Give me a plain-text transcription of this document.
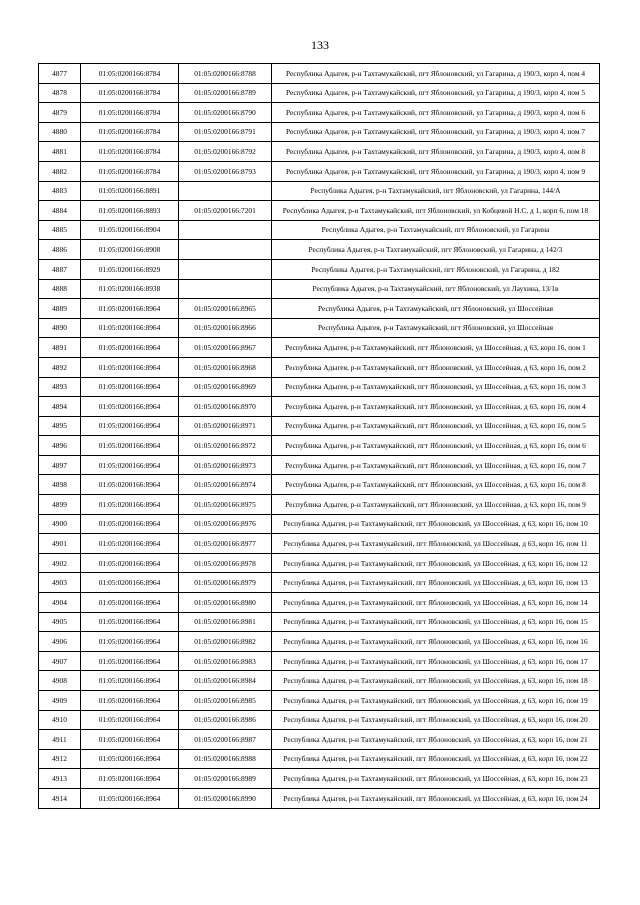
133
4877	01:05:0200166:8784	01:05:0200166:8788	Республика Адыгея, р-н Тахтамукайский, пгт Яблоновский, ул Гагарина, д 190/3, корп 4, пом 4
4878	01:05:0200166:8784	01:05:0200166:8789	Республика Адыгея, р-н Тахтамукайский, пгт Яблоновский, ул Гагарина, д 190/3, корп 4, пом 5
4879	01:05:0200166:8784	01:05:0200166:8790	Республика Адыгея, р-н Тахтамукайский, пгт Яблоновский, ул Гагарина, д 190/3, корп 4, пом 6
4880	01:05:0200166:8784	01:05:0200166:8791	Республика Адыгея, р-н Тахтамукайский, пгт Яблоновский, ул Гагарина, д 190/3, корп 4, пом 7
4881	01:05:0200166:8784	01:05:0200166:8792	Республика Адыгея, р-н Тахтамукайский, пгт Яблоновский, ул Гагарина, д 190/3, корп 4, пом 8
4882	01:05:0200166:8784	01:05:0200166:8793	Республика Адыгея, р-н Тахтамукайский, пгт Яблоновский, ул Гагарина, д 190/3, корп 4, пом 9
4883	01:05:0200166:8891		Республика Адыгея, р-н Тахтамукайский, пгт Яблоновский, ул Гагарина, 144/А
4884	01:05:0200166:8893	01:05:0200166:7201	Республика Адыгея, р-н Тахтамукайский, пгт Яблоновский, ул Кобцевой Н.С, д 1, корп 6, пом 18
4885	01:05:0200166:8904		Республика Адыгея, р-н Тахтамукайский, пгт Яблоновский, ул Гагарина
4886	01:05:0200166:8908		Республика Адыгея, р-н Тахтамукайский, пгт Яблоновский, ул Гагарина, д 142/3
4887	01:05:0200166:8929		Республика Адыгея, р-н Тахтамукайский, пгт Яблоновский, ул Гагарина, д 182
4888	01:05:0200166:8938		Республика Адыгея, р-н Тахтамукайский, пгт Яблоновский, ул Лаухина, 13/1в
4889	01:05:0200166:8964	01:05:0200166:8965	Республика Адыгея, р-н Тахтамукайский, пгт Яблоновский, ул Шоссейная
4890	01:05:0200166:8964	01:05:0200166:8966	Республика Адыгея, р-н Тахтамукайский, пгт Яблоновский, ул Шоссейная
4891	01:05:0200166:8964	01:05:0200166:8967	Республика Адыгея, р-н Тахтамукайский, пгт Яблоновский, ул Шоссейная, д 63, корп 16, пом 1
4892	01:05:0200166:8964	01:05:0200166:8968	Республика Адыгея, р-н Тахтамукайский, пгт Яблоновский, ул Шоссейная, д 63, корп 16, пом 2
4893	01:05:0200166:8964	01:05:0200166:8969	Республика Адыгея, р-н Тахтамукайский, пгт Яблоновский, ул Шоссейная, д 63, корп 16, пом 3
4894	01:05:0200166:8964	01:05:0200166:8970	Республика Адыгея, р-н Тахтамукайский, пгт Яблоновский, ул Шоссейная, д 63, корп 16, пом 4
4895	01:05:0200166:8964	01:05:0200166:8971	Республика Адыгея, р-н Тахтамукайский, пгт Яблоновский, ул Шоссейная, д 63, корп 16, пом 5
4896	01:05:0200166:8964	01:05:0200166:8972	Республика Адыгея, р-н Тахтамукайский, пгт Яблоновский, ул Шоссейная, д 63, корп 16, пом 6
4897	01:05:0200166:8964	01:05:0200166:8973	Республика Адыгея, р-н Тахтамукайский, пгт Яблоновский, ул Шоссейная, д 63, корп 16, пом 7
4898	01:05:0200166:8964	01:05:0200166:8974	Республика Адыгея, р-н Тахтамукайский, пгт Яблоновский, ул Шоссейная, д 63, корп 16, пом 8
4899	01:05:0200166:8964	01:05:0200166:8975	Республика Адыгея, р-н Тахтамукайский, пгт Яблоновский, ул Шоссейная, д 63, корп 16, пом 9
4900	01:05:0200166:8964	01:05:0200166:8976	Республика Адыгея, р-н Тахтамукайский, пгт Яблоновский, ул Шоссейная, д 63, корп 16, пом 10
4901	01:05:0200166:8964	01:05:0200166:8977	Республика Адыгея, р-н Тахтамукайский, пгт Яблоновский, ул Шоссейная, д 63, корп 16, пом 11
4902	01:05:0200166:8964	01:05:0200166:8978	Республика Адыгея, р-н Тахтамукайский, пгт Яблоновский, ул Шоссейная, д 63, корп 16, пом 12
4903	01:05:0200166:8964	01:05:0200166:8979	Республика Адыгея, р-н Тахтамукайский, пгт Яблоновский, ул Шоссейная, д 63, корп 16, пом 13
4904	01:05:0200166:8964	01:05:0200166:8980	Республика Адыгея, р-н Тахтамукайский, пгт Яблоновский, ул Шоссейная, д 63, корп 16, пом 14
4905	01:05:0200166:8964	01:05:0200166:8981	Республика Адыгея, р-н Тахтамукайский, пгт Яблоновский, ул Шоссейная, д 63, корп 16, пом 15
4906	01:05:0200166:8964	01:05:0200166:8982	Республика Адыгея, р-н Тахтамукайский, пгт Яблоновский, ул Шоссейная, д 63, корп 16, пом 16
4907	01:05:0200166:8964	01:05:0200166:8983	Республика Адыгея, р-н Тахтамукайский, пгт Яблоновский, ул Шоссейная, д 63, корп 16, пом 17
4908	01:05:0200166:8964	01:05:0200166:8984	Республика Адыгея, р-н Тахтамукайский, пгт Яблоновский, ул Шоссейная, д 63, корп 16, пом 18
4909	01:05:0200166:8964	01:05:0200166:8985	Республика Адыгея, р-н Тахтамукайский, пгт Яблоновский, ул Шоссейная, д 63, корп 16, пом 19
4910	01:05:0200166:8964	01:05:0200166:8986	Республика Адыгея, р-н Тахтамукайский, пгт Яблоновский, ул Шоссейная, д 63, корп 16, пом 20
4911	01:05:0200166:8964	01:05:0200166:8987	Республика Адыгея, р-н Тахтамукайский, пгт Яблоновский, ул Шоссейная, д 63, корп 16, пом 21
4912	01:05:0200166:8964	01:05:0200166:8988	Республика Адыгея, р-н Тахтамукайский, пгт Яблоновский, ул Шоссейная, д 63, корп 16, пом 22
4913	01:05:0200166:8964	01:05:0200166:8989	Республика Адыгея, р-н Тахтамукайский, пгт Яблоновский, ул Шоссейная, д 63, корп 16, пом 23
4914	01:05:0200166:8964	01:05:0200166:8990	Республика Адыгея, р-н Тахтамукайский, пгт Яблоновский, ул Шоссейная, д 63, корп 16, пом 24
